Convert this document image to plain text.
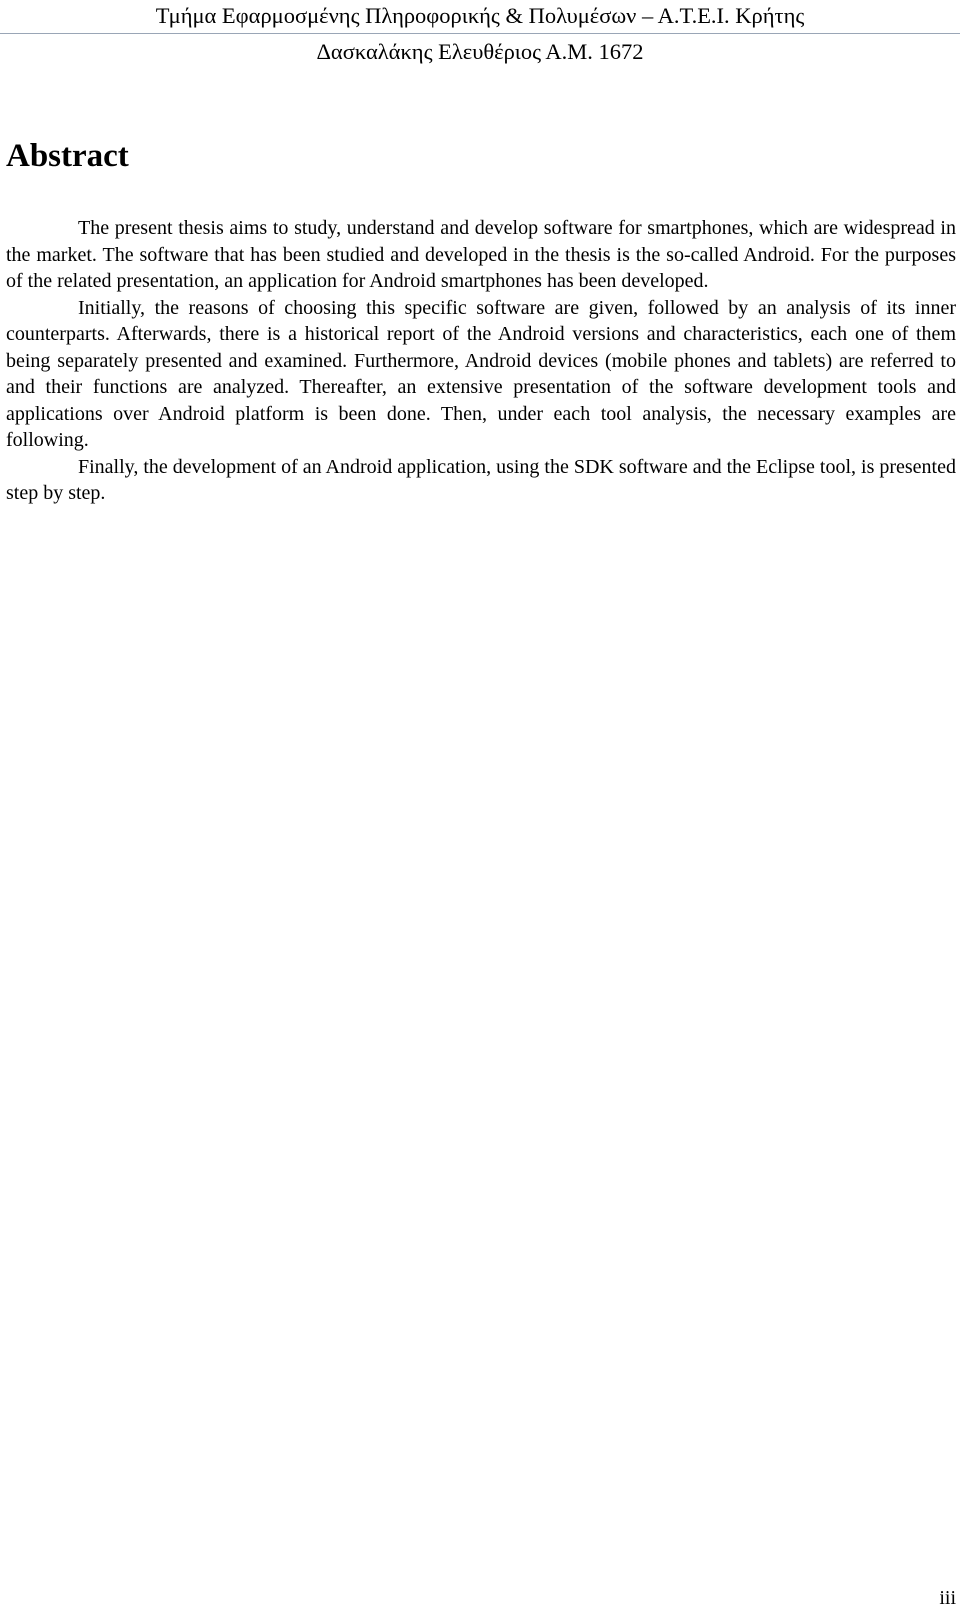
Τμήμα Εφαρμοσμένης Πληροφορικής & Πολυμέσων – Α.Τ.Ε.Ι. Κρήτης
Δασκαλάκης Ελευθέριος Α.Μ. 1672
Abstract

The present thesis aims to study, understand and develop software for smartphones, which are widespread in the market. The software that has been studied and developed in the thesis is the so-called Android. For the purposes of the related presentation, an application for Android smartphones has been developed.

Initially, the reasons of choosing this specific software are given, followed by an analysis of its inner counterparts. Afterwards, there is a historical report of the Android versions and characteristics, each one of them being separately presented and examined. Furthermore, Android devices (mobile phones and tablets) are referred to and their functions are analyzed. Thereafter, an extensive presentation of the software development tools and applications over Android platform is been done. Then, under each tool analysis, the necessary examples are following.

Finally, the development of an Android application, using the SDK software and the Eclipse tool, is presented step by step.

iii
